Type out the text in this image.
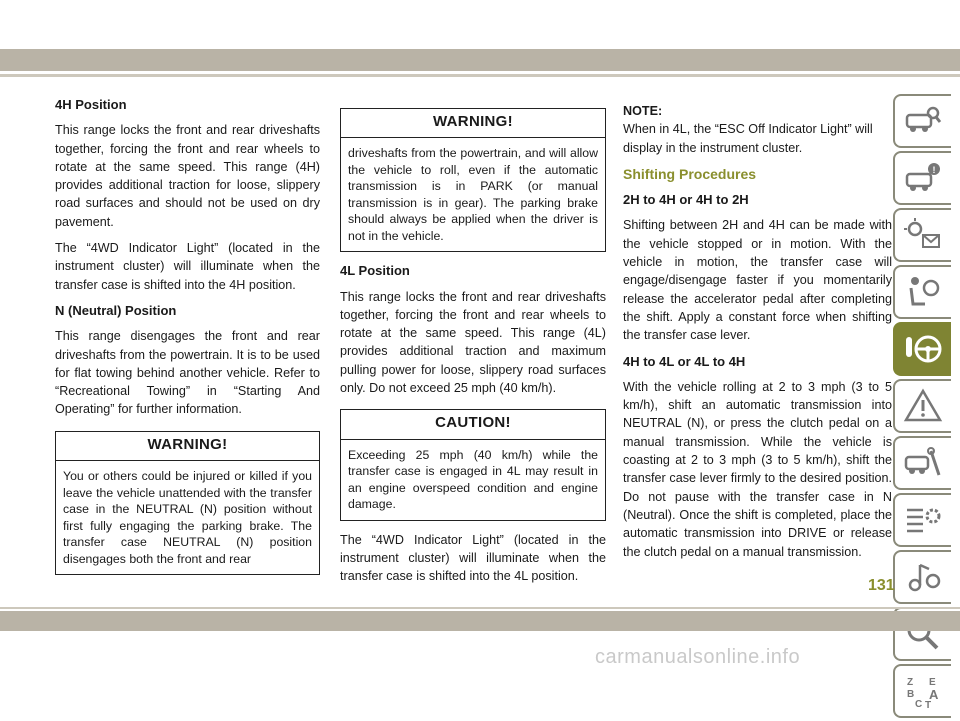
4H Position

This range locks the front and rear driveshafts together, forcing the front and rear wheels to rotate at the same speed. This range (4H) provides additional traction for loose, slippery road surfaces and should not be used on dry pavement.

The “4WD Indicator Light” (located in the instrument cluster) will illuminate when the transfer case is shifted into the 4H position.

N (Neutral) Position

This range disengages the front and rear driveshafts from the powertrain. It is to be used for flat towing behind another vehicle. Refer to “Recreational Towing” in “Starting And Operating” for further information.

WARNING!
You or others could be injured or killed if you leave the vehicle unattended with the transfer case in the NEUTRAL (N) position without first fully engaging the parking brake. The transfer case NEUTRAL (N) position disengages both the front and rear
WARNING!
driveshafts from the powertrain, and will allow the vehicle to roll, even if the automatic transmission is in PARK (or manual transmission is in gear). The parking brake should always be applied when the driver is not in the vehicle.
4L Position

This range locks the front and rear driveshafts together, forcing the front and rear wheels to rotate at the same speed. This range (4L) provides additional traction and maximum pulling power for loose, slippery road surfaces only. Do not exceed 25 mph (40 km/h).

CAUTION!
Exceeding 25 mph (40 km/h) while the transfer case is engaged in 4L may result in an engine overspeed condition and engine damage.

The “4WD Indicator Light” (located in the instrument cluster) will illuminate when the transfer case is shifted into the 4L position.

NOTE:
When in 4L, the “ESC Off Indicator Light” will display in the instrument cluster.
Shifting Procedures
2H to 4H or 4H to 2H

Shifting between 2H and 4H can be made with the vehicle stopped or in motion. With the vehicle in motion, the transfer case will engage/disengage faster if you momentarily release the accelerator pedal after completing the shift. Apply a constant force when shifting the transfer case lever.

4H to 4L or 4L to 4H

With the vehicle rolling at 2 to 3 mph (3 to 5 km/h), shift an automatic transmission into NEUTRAL (N), or press the clutch pedal on a manual transmission. While the vehicle is coasting at 2 to 3 mph (3 to 5 km/h), shift the transfer case lever firmly to the desired position. Do not pause with the transfer case in N (Neutral). Once the shift is completed, place the automatic transmission into DRIVE or release the clutch pedal on a manual transmission.

!
Z E
B A
C T
131
carmanualsonline.info
